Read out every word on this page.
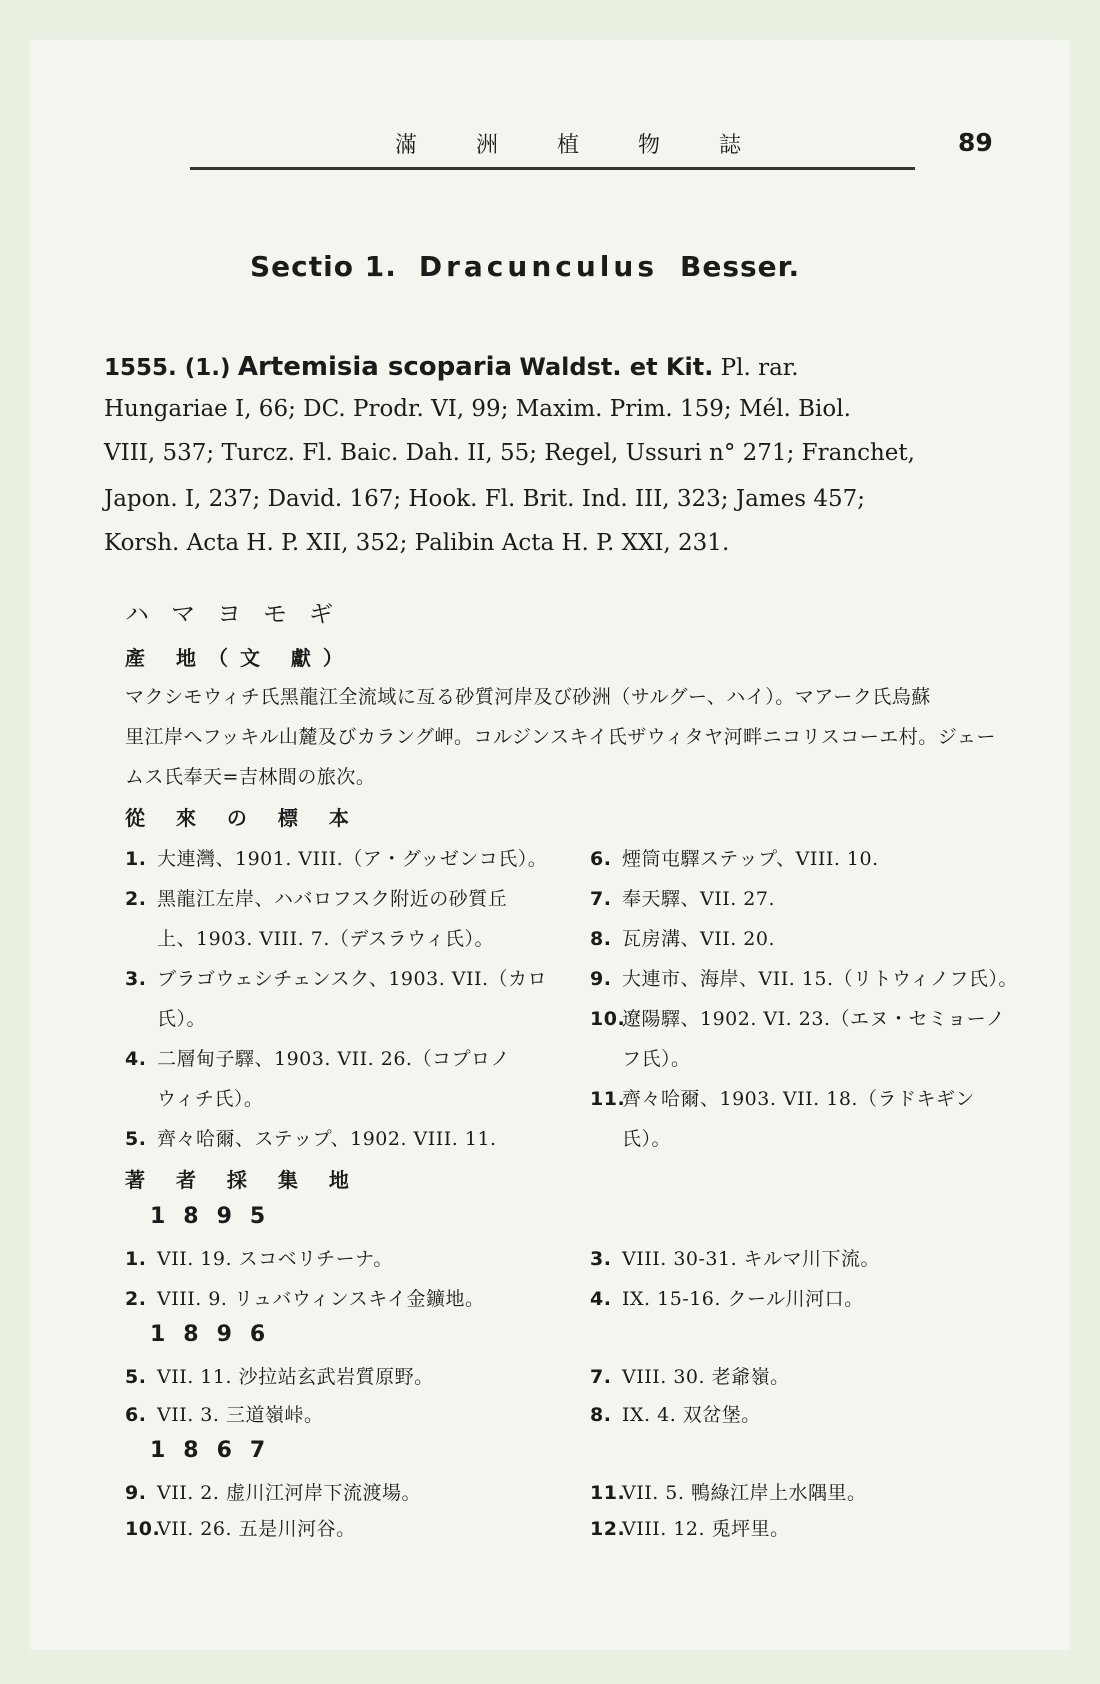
滿 洲 植 物 誌	89
Sectio 1. Dracunculus Besser.
1555. (1.) Artemisia scoparia Waldst. et Kit. Pl. rar.
Hungariae I, 66; DC. Prodr. VI, 99; Maxim. Prim. 159; Mél. Biol.
VIII, 537; Turcz. Fl. Baic. Dah. II, 55; Regel, Ussuri n° 271; Franchet,
Japon. I, 237; David. 167; Hook. Fl. Brit. Ind. III, 323; James 457;
Korsh. Acta H. P. XII, 352; Palibin Acta H. P. XXI, 231.
ハマヨモギ
產 地（文 獻）
マクシモウィチ氏黑龍江全流域に亙る砂質河岸及び砂洲（サルグー、ハイ）。マアーク氏烏蘇
里江岸へフッキル山麓及びカラング岬。コルジンスキイ氏ザウィタヤ河畔ニコリスコーエ村。ジェー
ムス氏奉天=吉林間の旅次。
從 來 の 標 本
1. 大連灣、1901. VIII.（ア・グッゼンコ氏）。
2. 黑龍江左岸、ハバロフスク附近の砂質丘
上、1903. VIII. 7.（デスラウィ氏）。
3. ブラゴウェシチェンスク、1903. VII.（カロ
氏）。
4. 二層甸子驛、1903. VII. 26.（コプロノ
ウィチ氏）。
5. 齊々哈爾、ステップ、1902. VIII. 11.
6. 煙筒屯驛ステップ、VIII. 10.
7. 奉天驛、VII. 27.
8. 瓦房溝、VII. 20.
9. 大連市、海岸、VII. 15.（リトウィノフ氏）。
10.遼陽驛、1902. VI. 23.（エヌ・セミョーノ
フ氏）。
11.齊々哈爾、1903. VII. 18.（ラドキギン
氏）。
著 者 採 集 地
1895
1. VII. 19. スコベリチーナ。
2. VIII. 9. リュバウィンスキイ金鑛地。
3. VIII. 30-31. キルマ川下流。
4. IX. 15-16. クール川河口。
1896
5. VII. 11. 沙拉站玄武岩質原野。
6. VII. 3. 三道嶺峠。
7. VIII. 30. 老爺嶺。
8. IX. 4. 双岔堡。
1867
9. VII. 2. 虚川江河岸下流渡場。
10.VII. 26. 五是川河谷。
11.VII. 5. 鴨綠江岸上水隅里。
12.VIII. 12. 兎坪里。
